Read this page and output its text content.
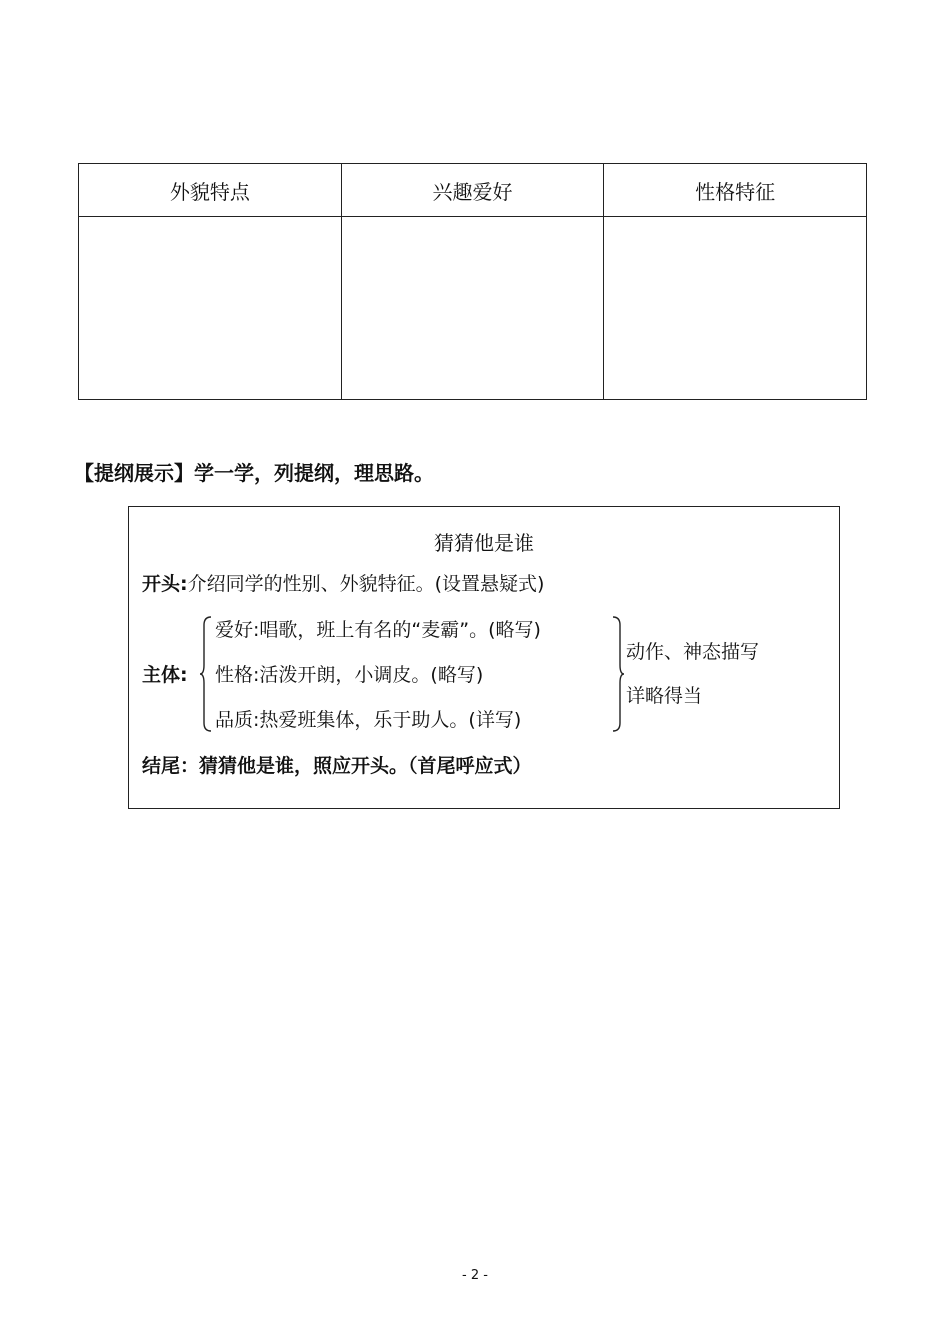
外貌特点	兴趣爱好	性格特征

【提纲展示】学一学，列提纲，理思路。
猜猜他是谁
开头:介绍同学的性别、外貌特征。(设置悬疑式)
主体:
爱好:唱歌，班上有名的“麦霸”。(略写)
性格:活泼开朗，小调皮。(略写)
品质:热爱班集体，乐于助人。(详写)
动作、神态描写
详略得当
结尾：猜猜他是谁，照应开头。（首尾呼应式）
- 2 -
